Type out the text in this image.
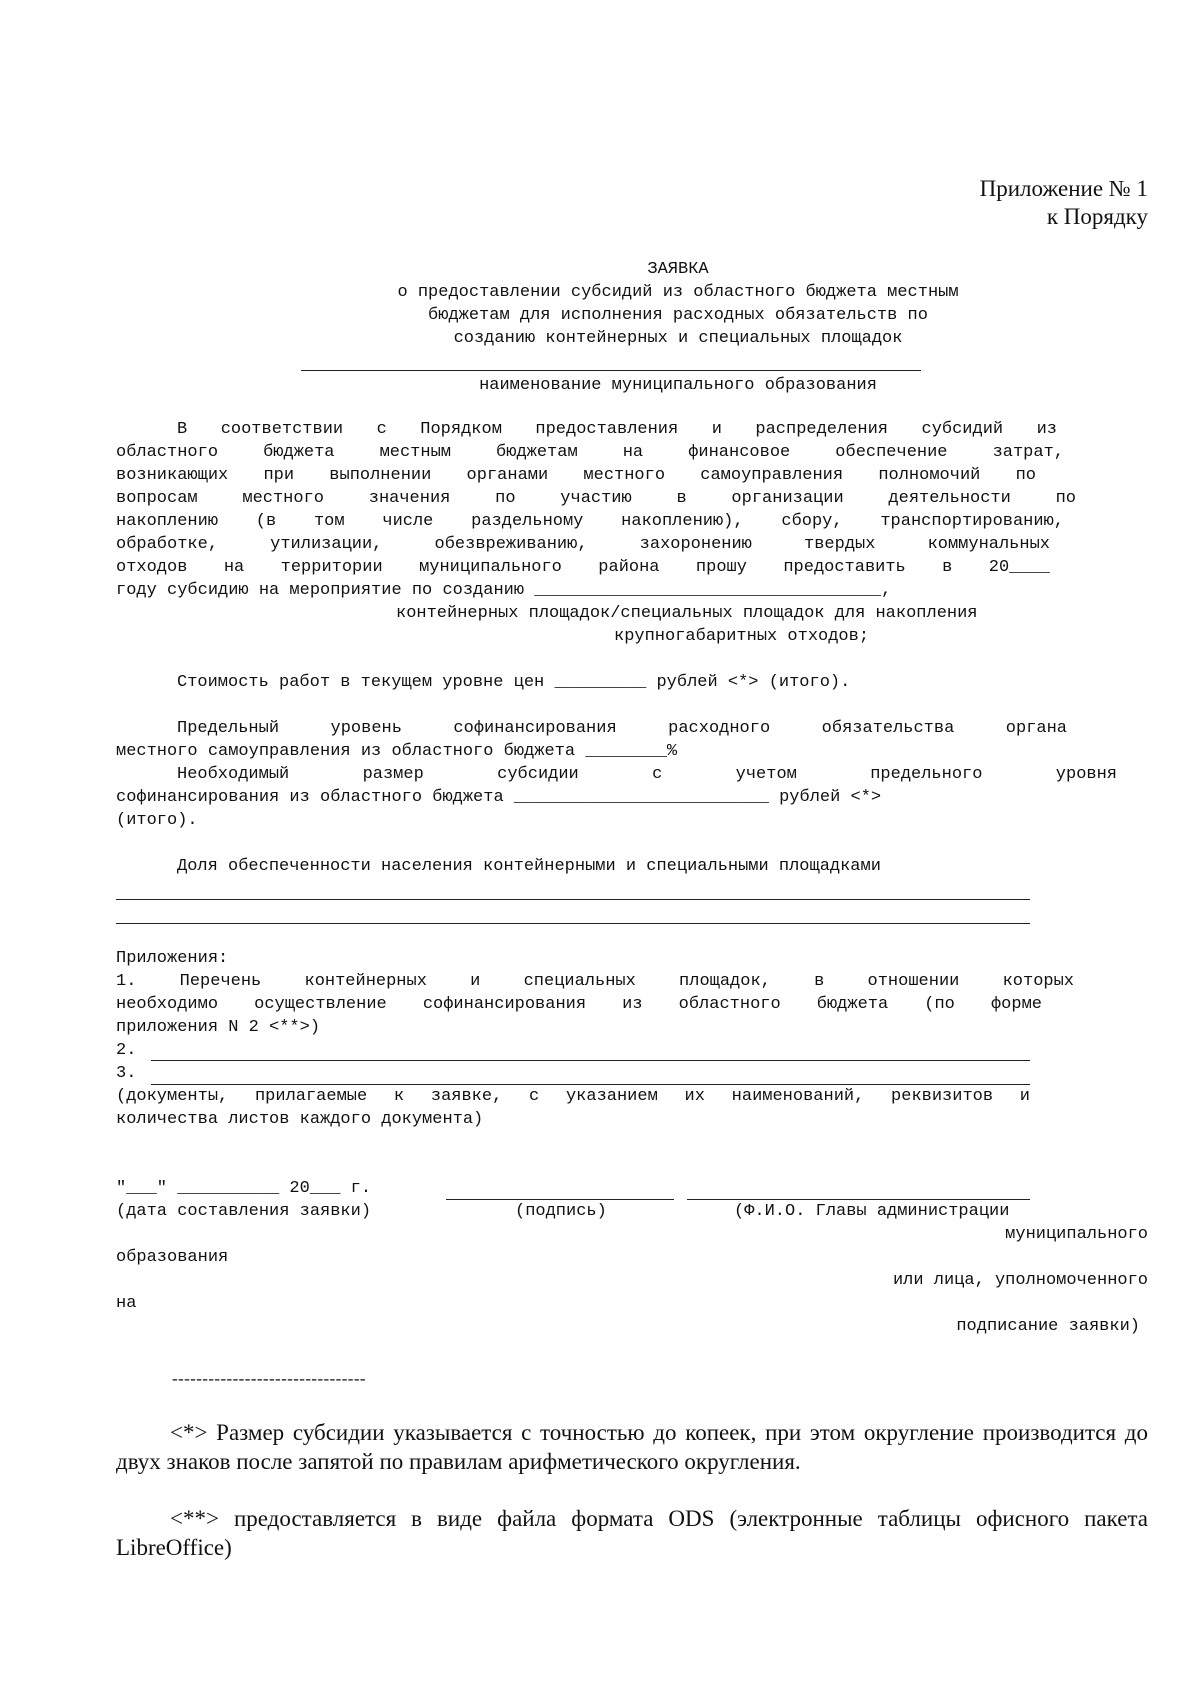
Приложение № 1
к Порядку
ЗАЯВКА
о предоставлении субсидий из областного бюджета местным
бюджетам для исполнения расходных обязательств по
созданию контейнерных и специальных площадок
наименование муниципального образования
В соответствии с Порядком предоставления и распределения субсидий из
областного бюджета местным бюджетам на финансовое обеспечение затрат,
возникающих при выполнении органами местного самоуправления полномочий по
вопросам местного значения по участию в организации деятельности по
накоплению (в том числе раздельному накоплению), сбору, транспортированию,
обработке, утилизации, обезвреживанию, захоронению твердых коммунальных
отходов на территории муниципального района прошу предоставить в 20____
году субсидию на мероприятие по созданию __________________________________,
контейнерных площадок/специальных площадок для накопления
крупногабаритных отходов;
Стоимость работ в текущем уровне цен _________ рублей <*> (итого).
Предельный уровень софинансирования расходного обязательства органа
местного самоуправления из областного бюджета ________%
Необходимый размер субсидии с учетом предельного уровня
софинансирования из областного бюджета _________________________ рублей <*>
(итого).
Доля обеспеченности населения контейнерными и специальными площадками
Приложения:
1. Перечень контейнерных и специальных площадок, в отношении которых
необходимо осуществление софинансирования из областного бюджета (по форме
приложения N 2 <**>)
2.
3.
(документы, прилагаемые к заявке, с указанием их наименований, реквизитов и
количества листов каждого документа)
"___" __________ 20___ г.
(дата составления заявки)	(подпись)	(Ф.И.О. Главы администрации
муниципального
образования
или лица, уполномоченного
на
подписание заявки)
--------------------------------
<*> Размер субсидии указывается с точностью до копеек, при этом округление производится до двух знаков после запятой по правилам арифметического округления.
<**> предоставляется в виде файла формата ODS (электронные таблицы офисного пакета LibreOffice)
